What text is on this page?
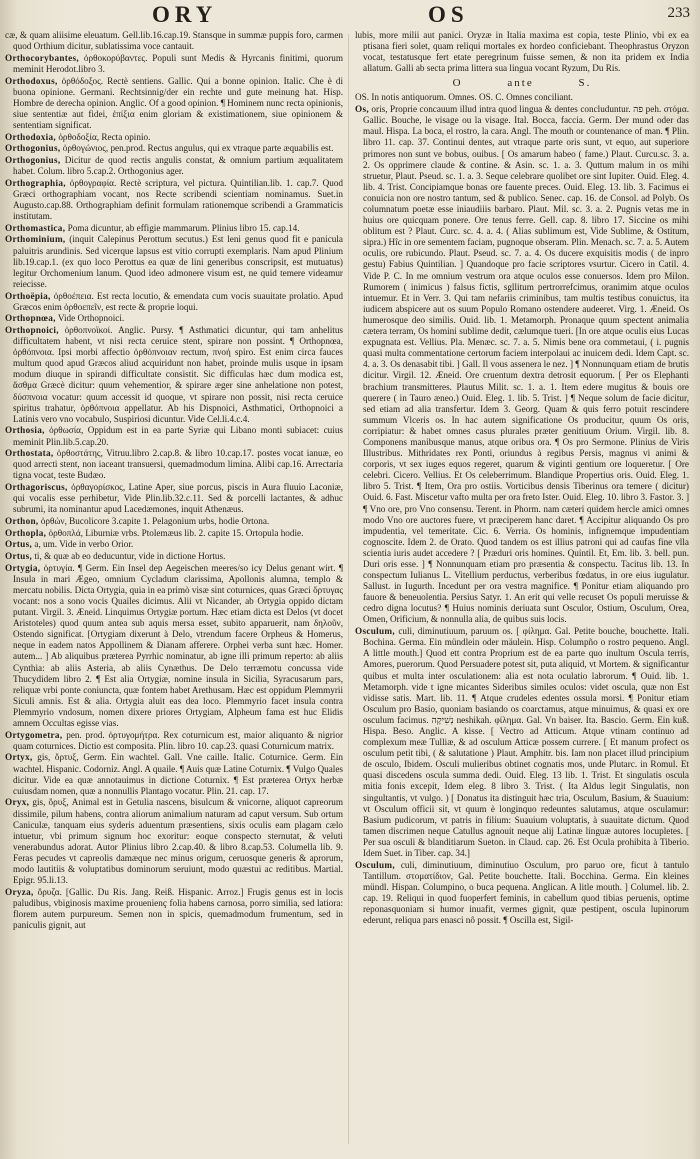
ORY	OS	233

cæ, & quam aliisime eleuatum. Gell.lib.16.cap.19. Stansque in summæ puppis foro, carmen quod Orthium dicitur, sublatissima voce cantauit.

Orthocorybantes, ὀρθοκορύβαντες. Populi sunt Medis & Hyrcanis finitimi, quorum meminit Herodot.libro 3.

Orthodoxus, ὀρθόδοξος. Rectè sentiens. Gallic. Qui a bonne opinion. Italic. Che è di buona opinione. Germani. Rechtsinnig/der ein rechte und gute meinung hat. Hisp. Hombre de derecha opinion. Anglic. Of a good opinion. ¶ Hominem nunc recta opinionis, siue sententiæ aut fidei, ἐπίξια enim gloriam & existimationem, siue opinionem & sententiam significat.

Orthodoxia, ὀρθοδοξία, Recta opinio.

Orthogonius, ὀρθογώνιος, pen.prod. Rectus angulus, qui ex vtraque parte æquabilis est.

Orthogonius, Dicitur de quod rectis angulis constat, & omnium partium æqualitatem habet. Colum. libro 5.cap.2. Orthogonius ager.

Orthographia, ὀρθογραφία. Rectè scriptura, vel pictura. Quintilian.lib. 1. cap.7. Quod Græci orthographiam vocant, nos Recte scribendi scientiam nominamus. Suet.in Augusto.cap.88. Orthographiam definit formulam rationemque scribendi a Grammaticis institutam.

Orthomastica, Poma dicuntur, ab effigie mammarum. Plinius libro 15. cap.14.

Orthominium, (inquit Calepinus Perottum secutus.) Est leni genus quod fit e panicula paluitris arundinis. Sed vicerque lapsus est vitio corrupti exemplaris. Nam apud Plinium lib.19.cap.1. (ex quo loco Perottus ea quæ de lini generibus conscripsit, est mutuatus) legitur Orchomenium lanum. Quod ideo admonere visum est, ne quid temere videamur reiecisse.

Orthoëpia, ὀρθοέπεια. Est recta locutio, & emendata cum vocis suauitate prolatio. Apud Græcos enim ὀρθοεπεῖν, est recte & proprie loqui.

Orthopnœa, Vide Orthopnoici.

Orthopnoici, ὀρθοπνοϊκοί. Anglic. Pursy. ¶ Asthmatici dicuntur, qui tam anhelitus difficultatem habent, vt nisi recta ceruice stent, spirare non possint. ¶ Orthopnœa, ὀρθόπνοια. Ipsi morbi affectio ὀρθόπνοιαν rectum, πνοή spiro. Est enim circa fauces multum quod apud Græcos aliud acquiridunt non habet, proinde mulis usque in ipsam modum diuque in spirandi difficultate consistit. Sic difficulas hæc dum modica est, ἄσθμα Græcè dicitur: quum vehementior, & spirare æger sine anhelatione non potest, δύσπνοια vocatur: quum accessit id quoque, vt spirare non possit, nisi recta ceruice spiritus trahatur, ὀρθόπνοια appellatur. Ab his Dispnoici, Asthmatici, Orthopnoici a Latinis vero vno vocabulo, Suspiriosi dicuntur. Vide Cel.li.4.c.4.

Orthosia, ὀρθωσία, Oppidum est in ea parte Syriæ qui Libano monti subiacet: cuius meminit Plin.lib.5.cap.20.

Orthostata, ὀρθοστάτης, Vitruu.libro 2.cap.8. & libro 10.cap.17. postes vocat ianuæ, eo quod arrecti stent, non iaceant transuersi, quemadmodum limina. Alibi cap.16. Arrectaria tigna vocat, teste Budæo.

Orthagoriscus, ὀρθαγορίσκος, Latine Aper, siue porcus, piscis in Aura fluuio Laconiæ, qui vocalis esse perhibetur, Vide Plin.lib.32.c.11. Sed & porcelli lactantes, & adhuc subrumi, ita nominantur apud Lacedæmones, inquit Athenæus.

Orthon, ὀρθών, Bucolicore 3.capite 1. Pelagonium urbs, hodie Ortona.

Orthopla, ὀρθοπλά, Liburniæ vrbs. Ptolemæus lib. 2. capite 15. Ortopula hodie.

Ortus, a, um. Vide in verbo Orior.

Ortus, ti, & quæ ab eo deducuntur, vide in dictione Hortus.

Ortygia, ὀρτυγία. ¶ Germ. Ein Insel dep Aegeischen meeres/so icy Delus genant wirt. ¶ Insula in mari Ægeo, omnium Cycladum clarissima, Apollonis alumna, templo & mercatu nobilis. Dicta Ortygia, quia in ea primò visæ sint coturnices, quas Græci ὄρτυγας vocant: nos a sono vocis Quailes dicimus. Alii vt Nicander, ab Ortygia oppido dictam putant. Virgil. 3. Æneid. Linquimus Ortygiæ portum. Hæc etiam dicta est Delos (vt docet Aristoteles) quod quum antea sub aquis mersa esset, subito apparuerit, nam δηλοῦν, Ostendo significat. [Ortygiam dixerunt à Delo, vtrendum facere Orpheus & Homerus, neque in eadem natos Appollinem & Dianam afferere. Orphei verba sunt hæc. Homer. autem... ] Ab aliquibus præterea Pyrrhic nominatur, ab igne illi primum reperto: ab aliis Cynthia: ab aliis Asteria, ab aliis Cynæthus. De Delo terræmotu concussa vide Thucydidem libro 2. ¶ Est alia Ortygiæ, nomine insula in Sicilia, Syracusarum pars, reliquæ vrbi ponte coniuncta, quæ fontem habet Arethusam. Hæc est oppidum Plemmyrii Siculi amnis. Est & alia. Ortygia aluit eas dea loco. Plemmyrio facet insula contra Plemmyrio vndosum, nomen dixere priores Ortygiam, Alpheum fama est huc Elidis amnem Occultas egisse vias.

Ortygometra, pen. prod. ὀρτυγομήτρα. Rex coturnicum est, maior aliquanto & nigrior quam coturnices. Dictio est composita. Plin. libro 10. cap.23. quasi Coturnicum matrix.

Ortyx, gis, ὄρτυξ, Germ. Ein wachtel. Gall. Vne caille. Italic. Coturnice. Germ. Ein wachtel. Hispanic. Codorniz. Angl. A quaile. ¶ Auis quæ Latine Coturnix. ¶ Vulgo Quales dicitur. Vide ea quæ annotauimus in dictione Coturnix. ¶ Est præterea Ortyx herbæ cuiusdam nomen, quæ a nonnullis Plantago vocatur. Plin. 21. cap. 17.

Oryx, gis, ὄρυξ, Animal est in Getulia nascens, bisulcum & vnicorne, aliquot capreorum dissimile, pilum habens, contra aliorum animalium naturam ad caput versum. Sub ortum Caniculæ, tanquam eius syderis aduentum præsentiens, sixis oculis eam plagam cælo intuetur, vbi primum signum hoc exoritur: eoque conspecto sternutat, & veluti venerabundus adorat. Autor Plinius libro 2.cap.40. & libro 8.cap.53. Columella lib. 9. Feras pecudes vt capreolis damæque nec minus origum, ceruosque generis & aprorum, modo lautitiis & voluptatibus dominorum seruiunt, modo quæstui ac reditibus. Martial. Epigr. 95.li.13.

Oryza, ὄρυζα. [Gallic. Du Ris. Jang. Reiß. Hispanic. Arroz.] Frugis genus est in locis paludibus, vbiginosis maxime prouenienç folia habens carnosa, porro similia, sed latiora: florem autem purpureum. Semen non in spicis, quemadmodum frumentum, sed in paniculis gignit, aut

lubis, more milii aut panici. Oryzæ in Italia maxima est copia, teste Plinio, vbi ex ea ptisana fieri solet, quam reliqui mortales ex hordeo conficiebant. Theophrastus Oryzon vocat, testatusque fert etate peregrinum fuisse semen, & non ita pridem ex India allatum. Galli ab secta prima littera sua lingua vocant Ryzum, Du Ris.

O	ante	S.

OS. In notis antiquorum. Omnes. OS. C. Omnes conciliant.

Os, oris, Proprie concauum illud intra quod lingua & dentes concluduntur. פה peh. στόμα. Gallic. Bouche, le visage ou la visage. Ital. Bocca, faccia. Germ. Der mund oder das maul. Hispa. La boca, el rostro, la cara. Angl. The mouth or countenance of man. ¶ Plin. libro 11. cap. 37. Continui dentes, aut vtraque parte oris sunt, vt equo, aut superiore primores non sunt ve bobus, ouibus. [ Os amarum habeo ( fame.) Plaut. Curcu.sc. 3. a. 2. Os opprimere claude & contine. & Asin. sc. 1. a. 3. Quttum malum in os mihi struetur, Plaut. Pseud. sc. 1. a. 3. Seque celebrare quolibet ore sint Iupiter. Ouid. Eleg. 4. lib. 4. Trist. Concipiamque bonas ore fauente preces. Ouid. Eleg. 13. lib. 3. Facimus ei conuicia non ore nostro tantum, sed & publico. Senec. cap. 16. de Consol. ad Polyb. Os columnatum poetæ esse iniaudiiis barbaro. Plaut. Mil. sc. 3. a. 2. Pugnis vetas me in huius ore quicquam ponere. Ore tenus ferre. Gell. cap. 8. libro 17. Siccine os mihi oblitum est ? Plaut. Curc. sc. 4. a. 4. ( Alias sublimum est, Vide Sublime, & Ostitum, sipra.) Hîc in ore sementem faciam, pugnoque obseram. Plin. Menach. sc. 7. a. 5. Autem oculis, ore rubicundo. Plaut. Pseud. sc. 7. a. 4. Os ducere exquisitis modis ( de inpro gestu) Fabius Quintilian. ] Quandoque pro facie scriptores vsurtur. Cicero in Catil. 4. Vide P. C. In me omnium vestrum ora atque oculos esse conuersos. Idem pro Milon. Rumorem ( inimicus ) falsus fictis, sgllitum pertrorrefcimus, oranimim atque oculos intuemur. Et in Verr. 3. Qui tam nefariis criminibus, tam multis testibus conuictus, ita iudicem abspicere aut os suum Populo Romano ostendere audeeret. Virg. 1. Æneid. Os humerosque deo similis. Ouid. lib. 1. Metamorph. Pronaque quum spectent animalia cætera terram, Os homini sublime dedit, cælumque tueri. [In ore atque oculis eius Lucas expugnata est. Vellius. Pla. Menæc. sc. 7. a. 5. Nimis bene ora commetaui, ( i. pugnis quasi multa commentatione certorum faciem interpolaui ac inuicem dedi. Idem Capt. sc. 4. a. 3. Os denasabit tibi. ] Gall. Il vous assenera le nez. ] ¶ Nonnunquam etiam de brutis dicitur. Virgil. 12. Æneid. Ore cruentum dextra detrosit equorum. [ Per os Elephanti brachium transmitteres. Plautus Milit. sc. 1. a. 1. Item edere mugitus & bouis ore querere ( in Tauro æneo.) Ouid. Eleg. 1. lib. 5. Trist. ] ¶ Neque solum de facie dicitur, sed etiam ad alia transfertur. Idem 3. Georg. Quam & quis ferro potuit rescindere summum Vlceris os. In hac autem significatione Os producitur, quum Os oris, corripiatur: & habet omnes casus plurales præter genitiuum Orium. Virgil. lib. 8. Componens manibusque manus, atque oribus ora. ¶ Os pro Sermone. Plinius de Viris Illustribus. Mithridates rex Ponti, oriundus à regibus Persis, magnus vi animi & corporis, vt sex iuges equos regeret, quarum & viginti gentium ore loqueretur. [ Ore celebri. Cicero. Vellius. Et Os celeberrimum. Blandique Propertius oris. Ouid. Eleg. 1. libro 5. Trist. ¶ Item, Ora pro ostiis. Vorticibus densis Tiberinus ora temere ( dicitur) Ouid. 6. Fast. Miscetur vafto multa per ora freto Ister. Ouid. Eleg. 10. libro 3. Fastor. 3. ] ¶ Vno ore, pro Vno consensu. Terent. in Phorm. nam cæteri quidem hercle amici omnes modo Vno ore auctores fuere, vt præciperem hanc daret. ¶ Accipitur aliquando Os pro impudentia, vel temeritate. Cic. 6. Verria. Os hominis, infignemque impudentiam cognoscite. Idem 2. de Orato. Quod tandem os est illius patroni qui ad caufas fine vlla scientia iuris audet accedere ? [ Præduri oris homines. Quintil. Et, Em. lib. 3. bell. pun. Duri oris esse. ] ¶ Nonnunquam etiam pro præsentia & conspectu. Tacitus lib. 13. In conspectum Iulianus L. Vitellium perductus, verberibus fœdatus, in ore eius iugulatur. Sallust. in Iugurth. Incedunt per ora vestra magnifice. ¶ Ponitur etiam aliquando pro fauore & beneuolentia. Persius Satyr. 1. An erit qui velle recuset Os populi meruisse & cedro digna locutus? ¶ Huius nominis deriuata sunt Osculor, Ostium, Osculum, Orea, Omen, Orificium, & nonnulla alia, de quibus suis locis.

Osculum, culi, diminutiuum, paruum os. [ φίλημα. Gal. Petite bouche, bouchette. Itali. Bochina. Germa. Ein mündlein oder mäulein. Hisp. Columpño o rostro pequeno. Angl. A little mouth.] Quod ett contra Proprium est de ea parte quo inultum Oscula terris, Amores, puerorum. Quod Persuadere potest sit, puta aliquid, vt Mortem. & significantur quibus et multa inter osculationem: alia est nota oculatio labrorum. ¶ Ouid. lib. 1. Metamorph. vide t igne micantes Sideribus similes oculos: videt oscula, quæ non Est vidisse satis. Mart. lib. 11. ¶ Atque crudeles edentes ossula morsi. ¶ Ponitur etiam Osculum pro Basio, quoniam basiando os coarctamus, atque minuimus, & quasi ex ore osculum facimus. נְשִׁיקָה neshikah. φίλημα. Gal. Vn baiser. Ita. Bascio. Germ. Ein kuß. Hispa. Beso. Anglic. A kisse. [ Vectro ad Atticum. Atque vtinam continuo ad complexum meæ Tulliæ, & ad osculum Atticæ possem currere. [ Et manum profect os osculum petit tibi, ( & salutatione ) Plaut. Amphitr. bis. Iam non placet illud principium de osculo, Ibidem. Osculi mulieribus obtinet cognatis mos, unde Plutarc. in Romul. Et quasi discedens oscula summa dedi. Ouid. Eleg. 13 lib. 1. Trist. Et singulatis oscula mitia fonis excepit, Idem eleg. 8 libro 3. Trist. ( Ita Aldus legit Singulatis, non singultantis, vt vulgo. ) [ Donatus ita distinguit hæc tria, Osculum, Basium, & Suauium: vt Osculum officii sit, vt quum è longinquo redeuntes salutamus, atque osculamur: Basium pudicorum, vt patris in filium: Suauium voluptatis, à suauitate dictum. Quod tamen discrimen neque Catullus agnouit neque alij Latinæ linguæ autores locupletes. [ Per sua osculi & blanditiarum Sueton. in Claud. cap. 26. Est Ocula prohibita à Tiberio. Idem Suet. in Tiber. cap. 34.]

Osculum, culi, diminutiuum, diminutiuo Osculum, pro paruo ore, ficut à tantulo Tantillum. στοματίδιον, Gal. Petite bouchette. Itali. Bocchina. Germa. Ein kleines mündl. Hispan. Columpino, o buca pequena. Anglican. A litle mouth. ] Columel. lib. 2. cap. 19. Reliqui in quod fuoperfert feminis, in cabellum quod tibias peruenis, optime reponasquoniam si humor inuafit, vermes gignit, quæ pestipent, oscula lupinorum ederunt, reliqua pars enasci nô possit. ¶ Oscilla est, Sigil-
